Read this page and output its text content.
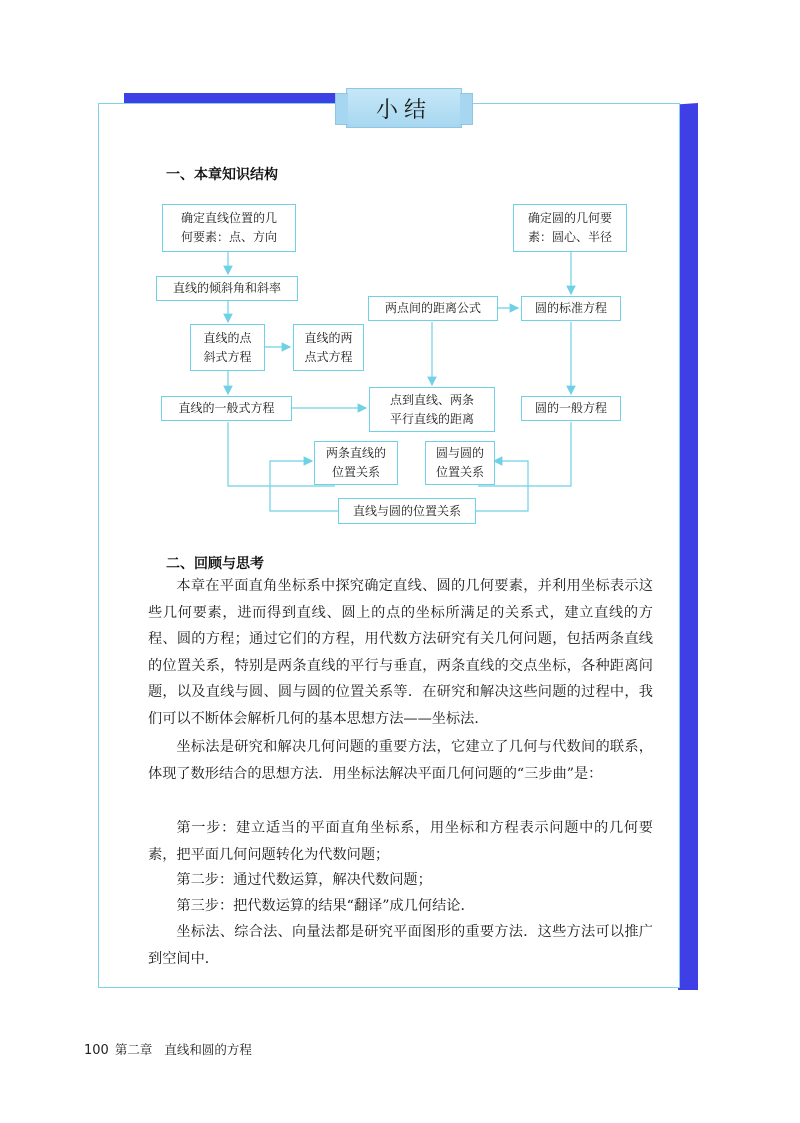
小结
一、本章知识结构
确定直线位置的几
何要素：点、方向
直线的倾斜角和斜率
直线的点
斜式方程
直线的两
点式方程
直线的一般式方程
两点间的距离公式
点到直线、两条
平行直线的距离
确定圆的几何要
素：圆心、半径
圆的标准方程
圆的一般方程
两条直线的
位置关系
圆与圆的
位置关系
直线与圆的位置关系
二、回顾与思考

本章在平面直角坐标系中探究确定直线、圆的几何要素，并利用坐标表示这些几何要素，进而得到直线、圆上的点的坐标所满足的关系式，建立直线的方程、圆的方程；通过它们的方程，用代数方法研究有关几何问题，包括两条直线的位置关系，特别是两条直线的平行与垂直，两条直线的交点坐标，各种距离问题，以及直线与圆、圆与圆的位置关系等．在研究和解决这些问题的过程中，我们可以不断体会解析几何的基本思想方法——坐标法．

坐标法是研究和解决几何问题的重要方法，它建立了几何与代数间的联系，体现了数形结合的思想方法．用坐标法解决平面几何问题的“三步曲”是：

第一步：建立适当的平面直角坐标系，用坐标和方程表示问题中的几何要素，把平面几何问题转化为代数问题；

第二步：通过代数运算，解决代数问题；

第三步：把代数运算的结果“翻译”成几何结论．

坐标法、综合法、向量法都是研究平面图形的重要方法．这些方法可以推广到空间中．

100 第二章 直线和圆的方程
